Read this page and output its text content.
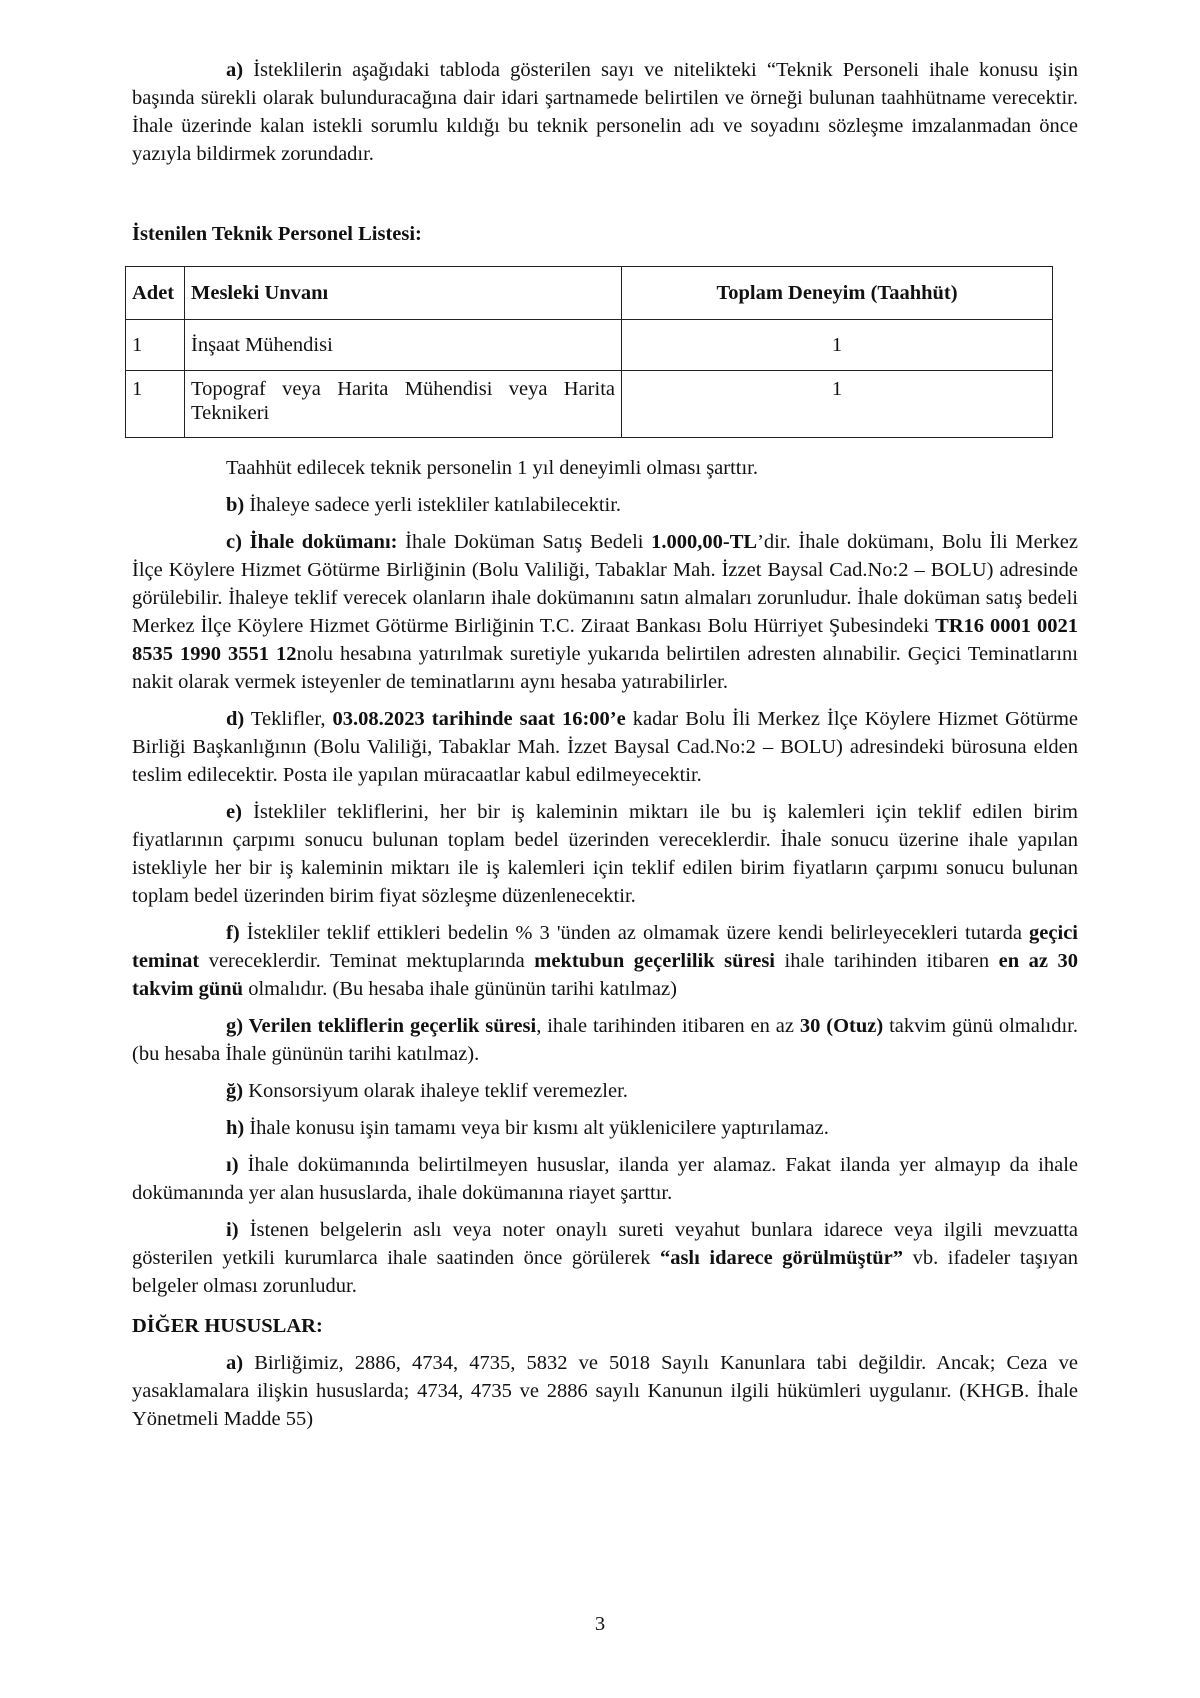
a) İsteklilerin aşağıdaki tabloda gösterilen sayı ve nitelikteki “Teknik Personeli ihale konusu işin başında sürekli olarak bulunduracağına dair idari şartnamede belirtilen ve örneği bulunan taahhütname verecektir. İhale üzerinde kalan istekli sorumlu kıldığı bu teknik personelin adı ve soyadını sözleşme imzalanmadan önce yazıyla bildirmek zorundadır.

İstenilen Teknik Personel Listesi:

Adet	Mesleki Unvanı	Toplam Deneyim (Taahhüt)
1	İnşaat Mühendisi	1
1	Topograf veya Harita Mühendisi veya Harita Teknikeri	1

Taahhüt edilecek teknik personelin 1 yıl deneyimli olması şarttır.

b) İhaleye sadece yerli istekliler katılabilecektir.

c) İhale dokümanı: İhale Doküman Satış Bedeli 1.000,00-TL’dir. İhale dokümanı, Bolu İli Merkez İlçe Köylere Hizmet Götürme Birliğinin (Bolu Valiliği, Tabaklar Mah. İzzet Baysal Cad.No:2 – BOLU) adresinde görülebilir. İhaleye teklif verecek olanların ihale dokümanını satın almaları zorunludur. İhale doküman satış bedeli Merkez İlçe Köylere Hizmet Götürme Birliğinin T.C. Ziraat Bankası Bolu Hürriyet Şubesindeki TR16 0001 0021 8535 1990 3551 12nolu hesabına yatırılmak suretiyle yukarıda belirtilen adresten alınabilir. Geçici Teminatlarını nakit olarak vermek isteyenler de teminatlarını aynı hesaba yatırabilirler.

d) Teklifler, 03.08.2023 tarihinde saat 16:00’e kadar Bolu İli Merkez İlçe Köylere Hizmet Götürme Birliği Başkanlığının (Bolu Valiliği, Tabaklar Mah. İzzet Baysal Cad.No:2 – BOLU) adresindeki bürosuna elden teslim edilecektir. Posta ile yapılan müracaatlar kabul edilmeyecektir.

e) İstekliler tekliflerini, her bir iş kaleminin miktarı ile bu iş kalemleri için teklif edilen birim fiyatlarının çarpımı sonucu bulunan toplam bedel üzerinden vereceklerdir. İhale sonucu üzerine ihale yapılan istekliyle her bir iş kaleminin miktarı ile iş kalemleri için teklif edilen birim fiyatların çarpımı sonucu bulunan toplam bedel üzerinden birim fiyat sözleşme düzenlenecektir.

f) İstekliler teklif ettikleri bedelin % 3 'ünden az olmamak üzere kendi belirleyecekleri tutarda geçici teminat vereceklerdir. Teminat mektuplarında mektubun geçerlilik süresi ihale tarihinden itibaren en az 30 takvim günü olmalıdır. (Bu hesaba ihale gününün tarihi katılmaz)

g) Verilen tekliflerin geçerlik süresi, ihale tarihinden itibaren en az 30 (Otuz) takvim günü olmalıdır.(bu hesaba İhale gününün tarihi katılmaz).

ğ) Konsorsiyum olarak ihaleye teklif veremezler.

h) İhale konusu işin tamamı veya bir kısmı alt yüklenicilere yaptırılamaz.

ı) İhale dokümanında belirtilmeyen hususlar, ilanda yer alamaz. Fakat ilanda yer almayıp da ihale dokümanında yer alan hususlarda, ihale dokümanına riayet şarttır.

i) İstenen belgelerin aslı veya noter onaylı sureti veyahut bunlara idarece veya ilgili mevzuatta gösterilen yetkili kurumlarca ihale saatinden önce görülerek “aslı idarece görülmüştür” vb. ifadeler taşıyan belgeler olması zorunludur.

DİĞER HUSUSLAR:

a) Birliğimiz, 2886, 4734, 4735, 5832 ve 5018 Sayılı Kanunlara tabi değildir. Ancak; Ceza ve yasaklamalara ilişkin hususlarda; 4734, 4735 ve 2886 sayılı Kanunun ilgili hükümleri uygulanır. (KHGB. İhale Yönetmeli Madde 55)

3
